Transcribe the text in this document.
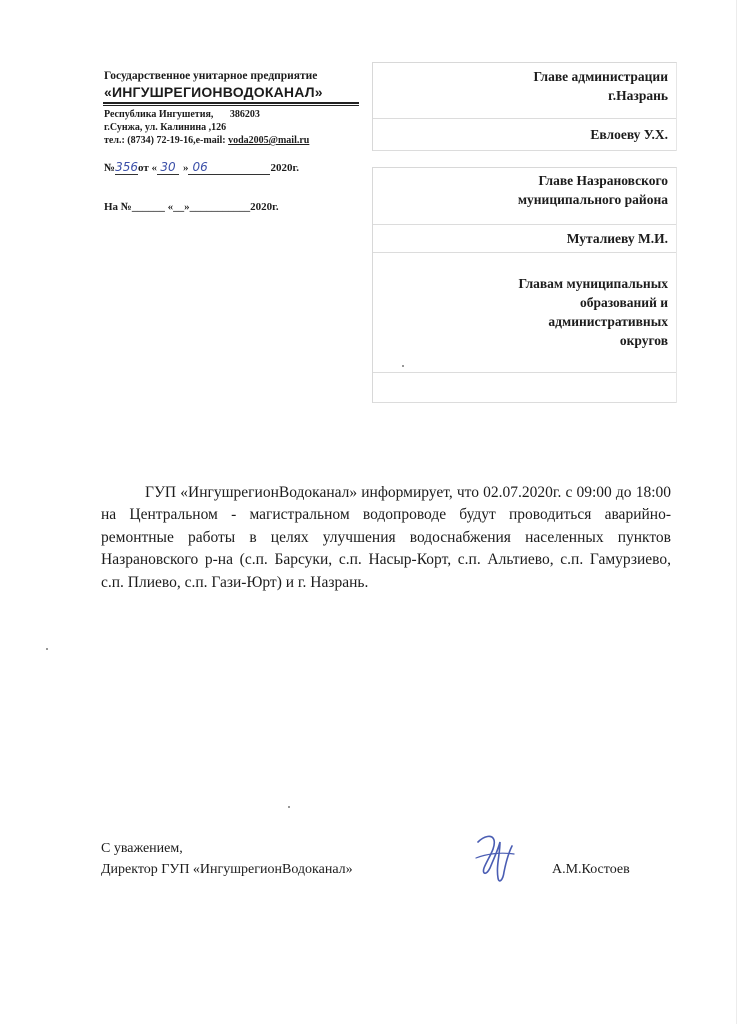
Государственное унитарное предприятие
«ИНГУШРЕГИОНВОДОКАНАЛ»
Республика Ингушетия, 386203
г.Сунжа, ул. Калинина ,126
тел.: (8734) 72-19-16,e-mail: voda2005@mail.ru
№356от « 30 » 06	2020г.
На №______ «__»___________2020г.
Главе администрации
г.Назрань
Евлоеву У.Х.
Главе Назрановского
муниципального района
Муталиеву М.И.
Главам муниципальных
образований и
административных
округов
ГУП «ИнгушрегионВодоканал» информирует, что 02.07.2020г. с 09:00 до 18:00 на Центральном - магистральном водопроводе будут проводиться аварийно-ремонтные работы в целях улучшения водоснабжения населенных пунктов Назрановского р-на (с.п. Барсуки, с.п. Насыр-Корт, с.п. Альтиево, с.п. Гамурзиево, с.п. Плиево, с.п. Гази-Юрт) и г. Назрань.
С уважением,
Директор ГУП «ИнгушрегионВодоканал»	А.М.Костоев
